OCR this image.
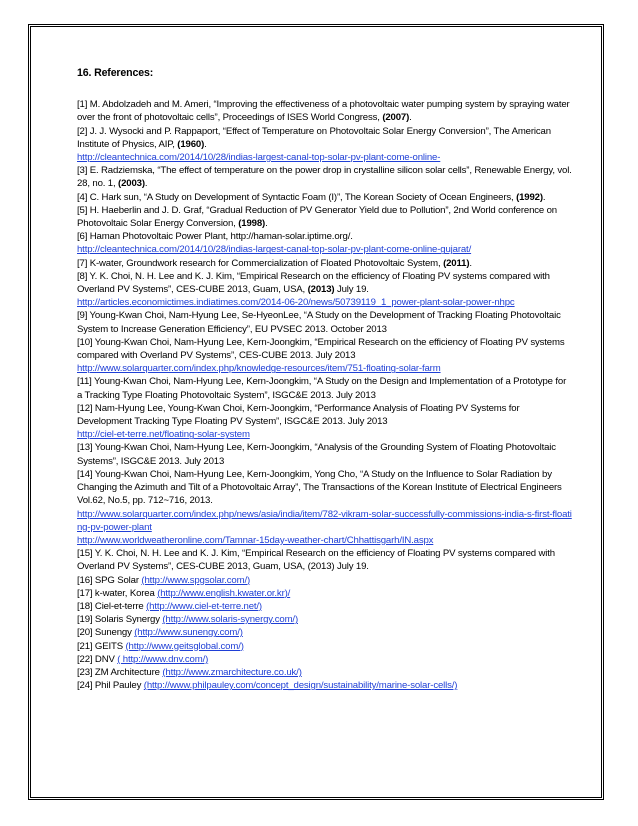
16. References:
[1] M. Abdolzadeh and M. Ameri, “Improving the effectiveness of a photovoltaic water pumping system by spraying water over the front of photovoltaic cells”, Proceedings of ISES World Congress, (2007).
[2] J. J. Wysocki and P. Rappaport, “Effect of Temperature on Photovoltaic Solar Energy Conversion”, The American Institute of Physics, AIP, (1960).
http://cleantechnica.com/2014/10/28/indias-largest-canal-top-solar-pv-plant-come-online-
[3] E. Radziemska, “The effect of temperature on the power drop in crystalline silicon solar cells”, Renewable Energy, vol. 28, no. 1, (2003).
[4] C. Hark sun, “A Study on Development of Syntactic Foam (I)”, The Korean Society of Ocean Engineers, (1992).
[5] H. Haeberlin and J. D. Graf, “Gradual Reduction of PV Generator Yield due to Pollution”, 2nd World conference on Photovoltaic Solar Energy Conversion, (1998).
[6] Haman Photovoltaic Power Plant, http://haman-solar.iptime.org/.
http://cleantechnica.com/2014/10/28/indias-largest-canal-top-solar-pv-plant-come-online-gujarat/
[7] K-water, Groundwork research for Commercialization of Floated Photovoltaic System, (2011).
[8] Y. K. Choi, N. H. Lee and K. J. Kim, “Empirical Research on the efficiency of Floating PV systems compared with Overland PV Systems”, CES-CUBE 2013, Guam, USA, (2013) July 19.
http://articles.economictimes.indiatimes.com/2014-06-20/news/50739119_1_power-plant-solar-power-nhpc
[9] Young-Kwan Choi, Nam-Hyung Lee, Se-HyeonLee, “A Study on the Development of Tracking Floating Photovoltaic System to Increase Generation Efficiency”, EU PVSEC 2013. October 2013
[10] Young-Kwan Choi, Nam-Hyung Lee, Kern-Joongkim, “Empirical Research on the efficiency of Floating PV systems compared with Overland PV Systems”, CES-CUBE 2013. July 2013
http://www.solarquarter.com/index.php/knowledge-resources/item/751-floating-solar-farm
[11] Young-Kwan Choi, Nam-Hyung Lee, Kern-Joongkim, “A Study on the Design and Implementation of a Prototype for a Tracking Type Floating Photovoltaic System”, ISGC&E 2013. July 2013
[12] Nam-Hyung Lee, Young-Kwan Choi, Kern-Joongkim, “Performance Analysis of Floating PV Systems for Development Tracking Type Floating PV System”, ISGC&E 2013. July 2013
http://ciel-et-terre.net/floating-solar-system
[13] Young-Kwan Choi, Nam-Hyung Lee, Kern-Joongkim, “Analysis of the Grounding System of Floating Photovoltaic Systems”, ISGC&E 2013. July 2013
[14] Young-Kwan Choi, Nam-Hyung Lee, Kern-Joongkim, Yong Cho, “A Study on the Influence to Solar Radiation by Changing the Azimuth and Tilt of a Photovoltaic Array”, The Transactions of the Korean Institute of Electrical Engineers Vol.62, No.5, pp. 712~716, 2013.
http://www.solarquarter.com/index.php/news/asia/india/item/782-vikram-solar-successfully-commissions-india-s-first-floating-pv-power-plant
http://www.worldweatheronline.com/Tamnar-15day-weather-chart/Chhattisgarh/IN.aspx
[15] Y. K. Choi, N. H. Lee and K. J. Kim, “Empirical Research on the efficiency of Floating PV systems compared with Overland PV Systems”, CES-CUBE 2013, Guam, USA, (2013) July 19.
[16] SPG Solar (http://www.spgsolar.com/)
[17] k-water, Korea (http://www.english.kwater.or.kr)/
[18] Ciel-et-terre (http://www.ciel-et-terre.net/)
[19] Solaris Synergy (http://www.solaris-synergy.com/)
[20] Sunengy (http://www.sunengy.com/)
[21] GEITS (http://www.geitsglobal.com/)
[22] DNV ( http://www.dnv.com/)
[23] ZM Architecture (http://www.zmarchitecture.co.uk/)
[24] Phil Pauley (http://www.philpauley.com/concept_design/sustainability/marine-solar-cells/)
